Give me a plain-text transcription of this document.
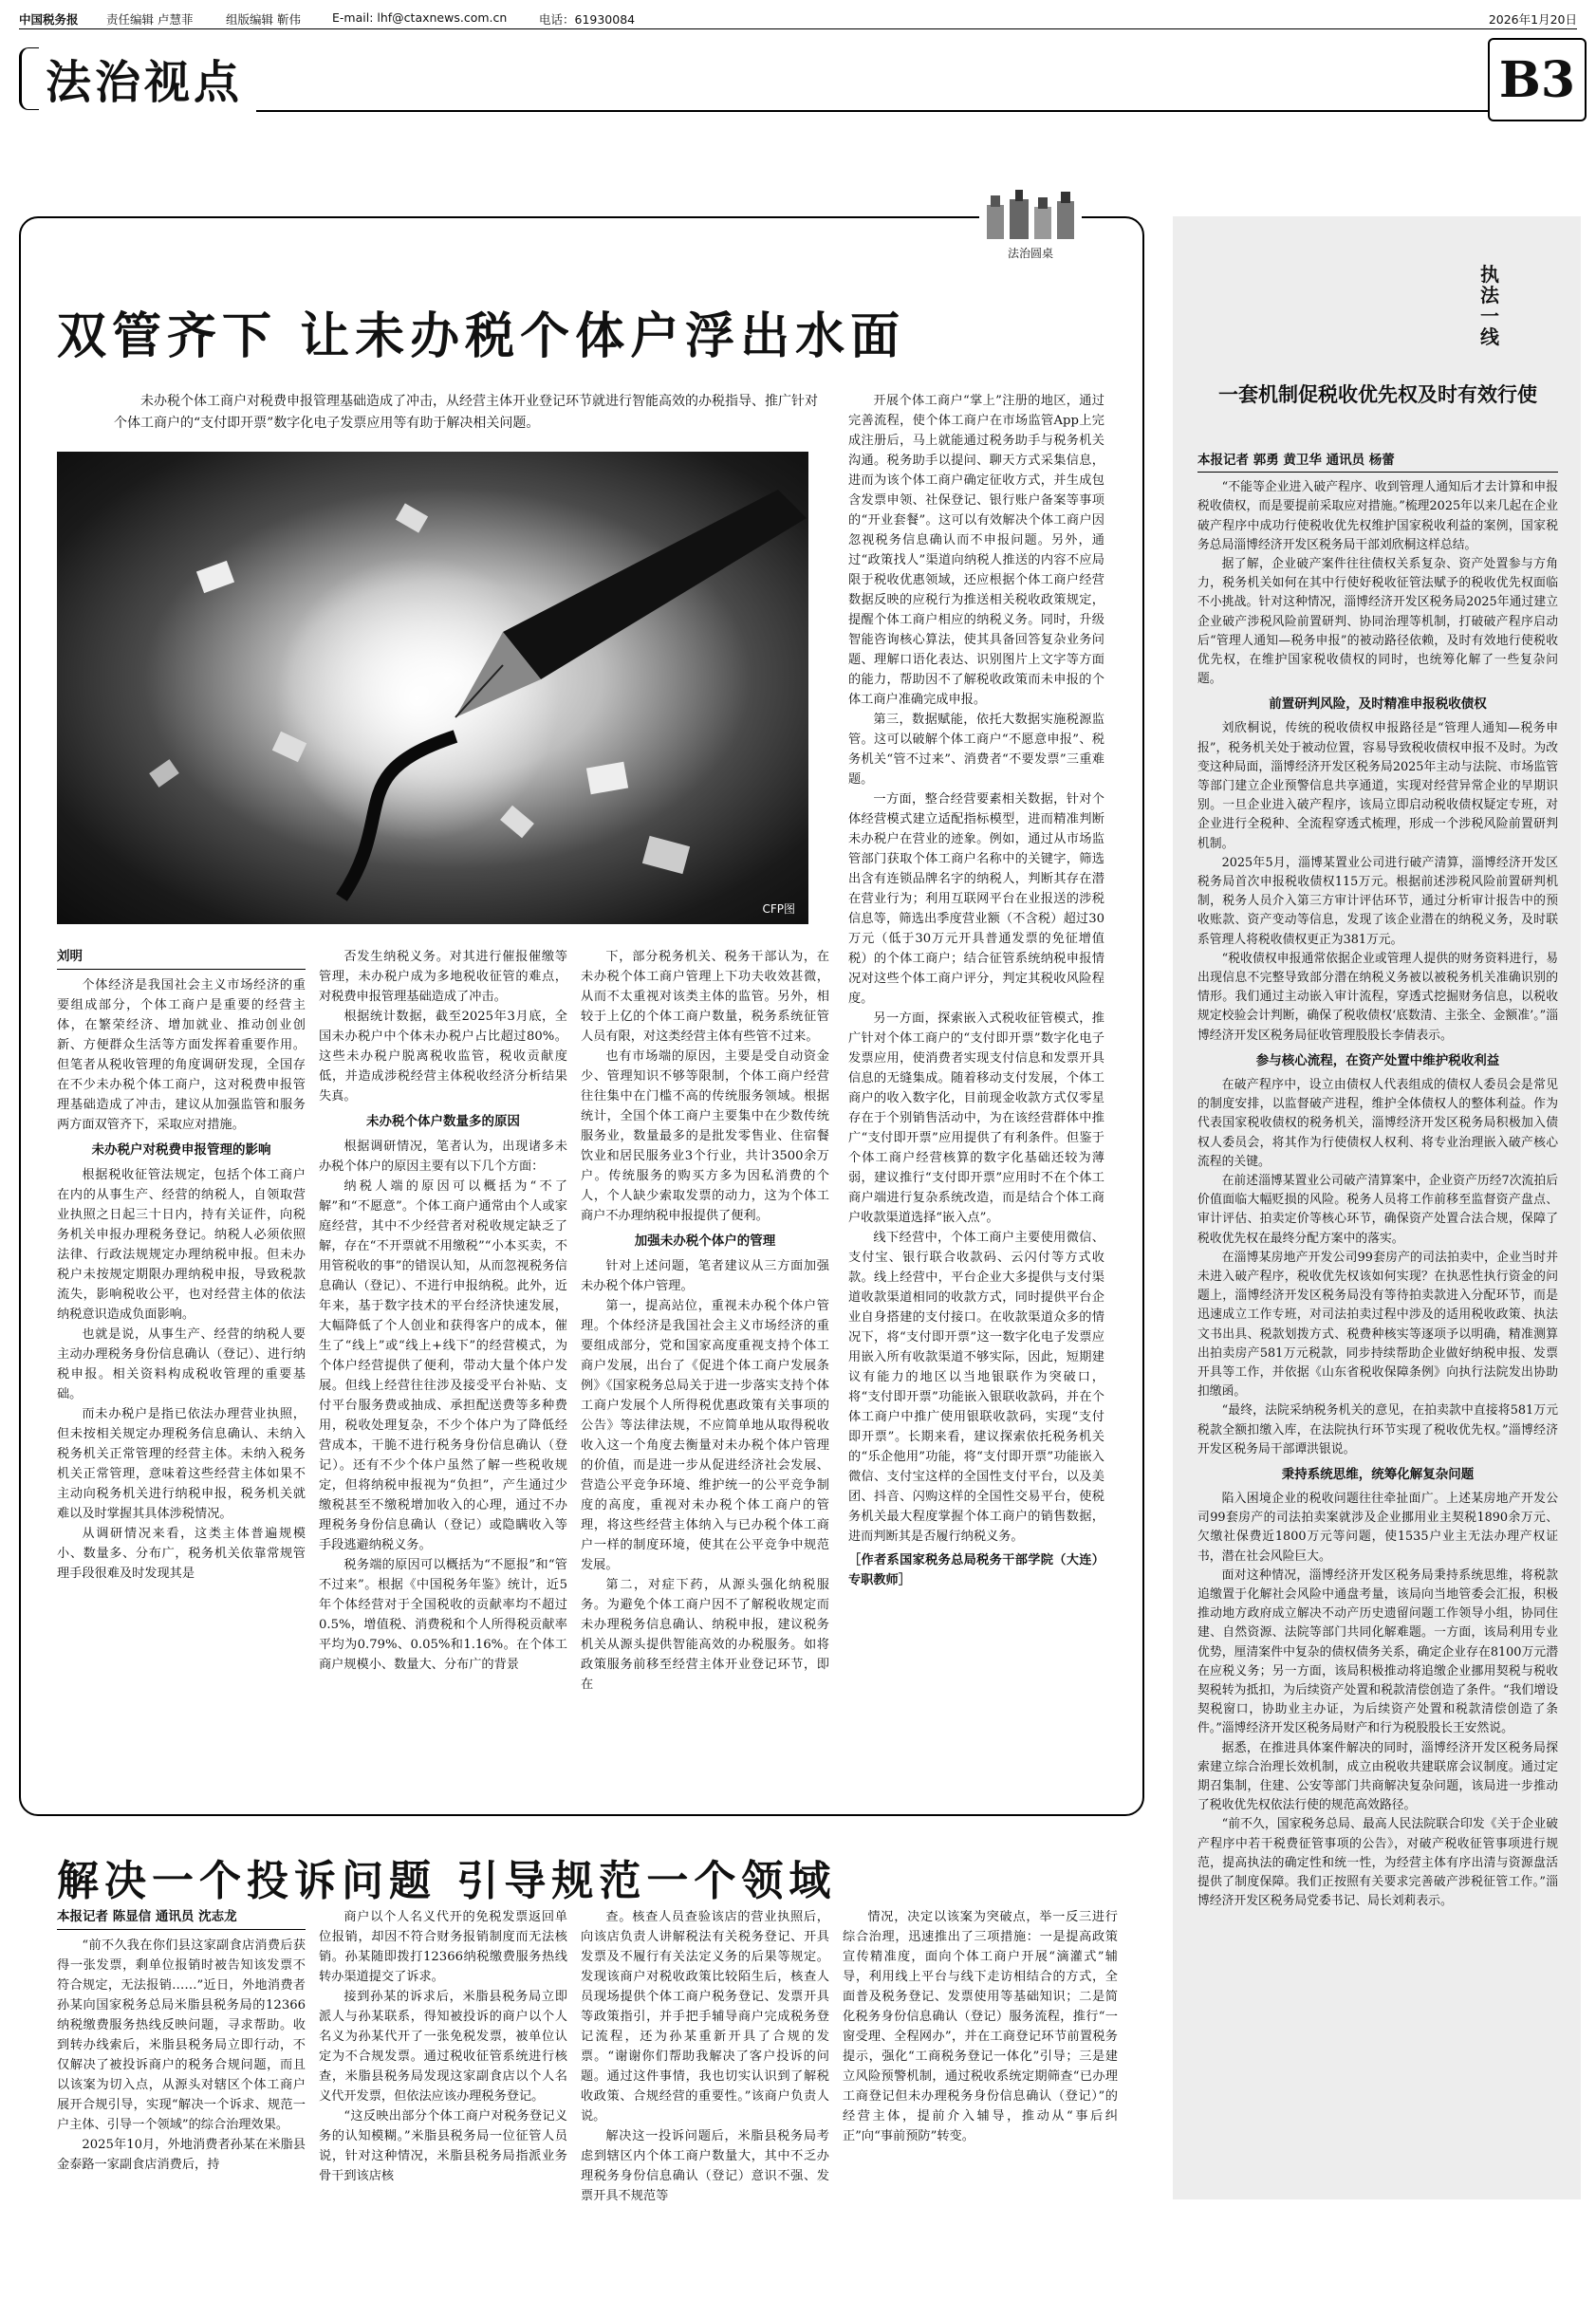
中国税务报 责任编辑 卢慧菲	组版编辑 靳伟	E-mail: lhf@ctaxnews.com.cn	电话：61930084	2026年1月20日
法治视点	B3
法治圆桌
双管齐下 让未办税个体户浮出水面
未办税个体工商户对税费申报管理基础造成了冲击，从经营主体开业登记环节就进行智能高效的办税指导、推广针对个体工商户的“支付即开票”数字化电子发票应用等有助于解决相关问题。
CFP图
刘明

个体经济是我国社会主义市场经济的重要组成部分，个体工商户是重要的经营主体，在繁荣经济、增加就业、推动创业创新、方便群众生活等方面发挥着重要作用。但笔者从税收管理的角度调研发现，全国存在不少未办税个体工商户，这对税费申报管理基础造成了冲击，建议从加强监管和服务两方面双管齐下，采取应对措施。

未办税户对税费申报管理的影响

根据税收征管法规定，包括个体工商户在内的从事生产、经营的纳税人，自领取营业执照之日起三十日内，持有关证件，向税务机关申报办理税务登记。纳税人必须依照法律、行政法规规定办理纳税申报。但未办税户未按规定期限办理纳税申报，导致税款流失，影响税收公平，也对经营主体的依法纳税意识造成负面影响。

也就是说，从事生产、经营的纳税人要主动办理税务身份信息确认（登记）、进行纳税申报。相关资料构成税收管理的重要基础。

而未办税户是指已依法办理营业执照，但未按相关规定办理税务信息确认、未纳入税务机关正常管理的经营主体。未纳入税务机关正常管理，意味着这些经营主体如果不主动向税务机关进行纳税申报，税务机关就难以及时掌握其具体涉税情况。

从调研情况来看，这类主体普遍规模小、数量多、分布广，税务机关依靠常规管理手段很难及时发现其是

否发生纳税义务。对其进行催报催缴等管理，未办税户成为多地税收征管的难点，对税费申报管理基础造成了冲击。

根据统计数据，截至2025年3月底，全国未办税户中个体未办税户占比超过80%。这些未办税户脱离税收监管，税收贡献度低，并造成涉税经营主体税收经济分析结果失真。

未办税个体户数量多的原因

根据调研情况，笔者认为，出现诸多未办税个体户的原因主要有以下几个方面：

纳税人端的原因可以概括为“不了解”和“不愿意”。个体工商户通常由个人或家庭经营，其中不少经营者对税收规定缺乏了解，存在“不开票就不用缴税”“小本买卖，不用管税收的事”的错误认知，从而忽视税务信息确认（登记）、不进行申报纳税。此外，近年来，基于数字技术的平台经济快速发展，大幅降低了个人创业和获得客户的成本，催生了“线上”或“线上+线下”的经营模式，为个体户经营提供了便利，带动大量个体户发展。但线上经营往往涉及接受平台补贴、支付平台服务费或抽成、承担配送费等多种费用，税收处理复杂，不少个体户为了降低经营成本，干脆不进行税务身份信息确认（登记）。还有不少个体户虽然了解一些税收规定，但将纳税申报视为“负担”，产生通过少缴税甚至不缴税增加收入的心理，通过不办理税务身份信息确认（登记）或隐瞒收入等手段逃避纳税义务。

税务端的原因可以概括为“不愿报”和“管不过来”。根据《中国税务年鉴》统计，近5年个体经营对于全国税收的贡献率均不超过0.5%，增值税、消费税和个人所得税贡献率平均为0.79%、0.05%和1.16%。在个体工商户规模小、数量大、分布广的背景

下，部分税务机关、税务干部认为，在未办税个体工商户管理上下功夫收效甚微，从而不太重视对该类主体的监管。另外，相较于上亿的个体工商户数量，税务系统征管人员有限，对这类经营主体有些管不过来。

也有市场端的原因，主要是受自动资金少、管理知识不够等限制，个体工商户经营往往集中在门槛不高的传统服务领域。根据统计，全国个体工商户主要集中在少数传统服务业，数量最多的是批发零售业、住宿餐饮业和居民服务业3个行业，共计3500余万户。传统服务的购买方多为因私消费的个人，个人缺少索取发票的动力，这为个体工商户不办理纳税申报提供了便利。

加强未办税个体户的管理

针对上述问题，笔者建议从三方面加强未办税个体户管理。

第一，提高站位，重视未办税个体户管理。个体经济是我国社会主义市场经济的重要组成部分，党和国家高度重视支持个体工商户发展，出台了《促进个体工商户发展条例》《国家税务总局关于进一步落实支持个体工商户发展个人所得税优惠政策有关事项的公告》等法律法规，不应简单地从取得税收收入这一个角度去衡量对未办税个体户管理的价值，而是进一步从促进经济社会发展、营造公平竞争环境、维护统一的公平竞争制度的高度，重视对未办税个体工商户的管理，将这些经营主体纳入与已办税个体工商户一样的制度环境，使其在公平竞争中规范发展。

第二，对症下药，从源头强化纳税服务。为避免个体工商户因不了解税收规定而未办理税务信息确认、纳税申报，建议税务机关从源头提供智能高效的办税服务。如将政策服务前移至经营主体开业登记环节，即在

开展个体工商户“掌上”注册的地区，通过完善流程，使个体工商户在市场监管App上完成注册后，马上就能通过税务助手与税务机关沟通。税务助手以提问、聊天方式采集信息，进而为该个体工商户确定征收方式，并生成包含发票申领、社保登记、银行账户备案等事项的“开业套餐”。这可以有效解决个体工商户因忽视税务信息确认而不申报问题。另外，通过“政策找人”渠道向纳税人推送的内容不应局限于税收优惠领域，还应根据个体工商户经营数据反映的应税行为推送相关税收政策规定，提醒个体工商户相应的纳税义务。同时，升级智能咨询核心算法，使其具备回答复杂业务问题、理解口语化表达、识别图片上文字等方面的能力，帮助因不了解税收政策而未申报的个体工商户准确完成申报。

第三，数据赋能，依托大数据实施税源监管。这可以破解个体工商户“不愿意申报”、税务机关“管不过来”、消费者“不要发票”三重难题。

一方面，整合经营要素相关数据，针对个体经营模式建立适配指标模型，进而精准判断未办税户在营业的迹象。例如，通过从市场监管部门获取个体工商户名称中的关键字，筛选出含有连锁品牌名字的纳税人，判断其存在潜在营业行为；利用互联网平台在业报送的涉税信息等，筛选出季度营业额（不含税）超过30万元（低于30万元开具普通发票的免征增值税）的个体工商户；结合征管系统纳税申报情况对这些个体工商户评分，判定其税收风险程度。

另一方面，探索嵌入式税收征管模式，推广针对个体工商户的“支付即开票”数字化电子发票应用，使消费者实现支付信息和发票开具信息的无缝集成。随着移动支付发展，个体工商户的收入数字化，目前现金收款方式仅零星存在于个别销售活动中，为在该经营群体中推广“支付即开票”应用提供了有利条件。但鉴于个体工商户经营核算的数字化基础还较为薄弱，建议推行“支付即开票”应用时不在个体工商户端进行复杂系统改造，而是结合个体工商户收款渠道选择“嵌入点”。

线下经营中，个体工商户主要使用微信、支付宝、银行联合收款码、云闪付等方式收款。线上经营中，平台企业大多提供与支付渠道收款渠道相同的收款方式，同时提供平台企业自身搭建的支付接口。在收款渠道众多的情况下，将“支付即开票”这一数字化电子发票应用嵌入所有收款渠道不够实际，因此，短期建议有能力的地区以当地银联作为突破口，将“支付即开票”功能嵌入银联收款码，并在个体工商户中推广使用银联收款码，实现“支付即开票”。长期来看，建议探索依托税务机关的“乐企他用”功能，将“支付即开票”功能嵌入微信、支付宝这样的全国性支付平台，以及美团、抖音、闪购这样的全国性交易平台，使税务机关最大程度掌握个体工商户的销售数据，进而判断其是否履行纳税义务。

［作者系国家税务总局税务干部学院（大连）专职教师］
执法一线
一套机制促税收优先权及时有效行使
本报记者 郭勇 黄卫华 通讯员 杨蕾

“不能等企业进入破产程序、收到管理人通知后才去计算和申报税收债权，而是要提前采取应对措施。”梳理2025年以来几起在企业破产程序中成功行使税收优先权维护国家税收利益的案例，国家税务总局淄博经济开发区税务局干部刘欣桐这样总结。

据了解，企业破产案件往往债权关系复杂、资产处置参与方角力，税务机关如何在其中行使好税收征管法赋予的税收优先权面临不小挑战。针对这种情况，淄博经济开发区税务局2025年通过建立企业破产涉税风险前置研判、协同治理等机制，打破破产程序启动后“管理人通知—税务申报”的被动路径依赖，及时有效地行使税收优先权，在维护国家税收债权的同时，也统筹化解了一些复杂问题。

前置研判风险，及时精准申报税收债权

刘欣桐说，传统的税收债权申报路径是“管理人通知—税务申报”，税务机关处于被动位置，容易导致税收债权申报不及时。为改变这种局面，淄博经济开发区税务局2025年主动与法院、市场监管等部门建立企业预警信息共享通道，实现对经营异常企业的早期识别。一旦企业进入破产程序，该局立即启动税收债权疑定专班，对企业进行全税种、全流程穿透式梳理，形成一个涉税风险前置研判机制。

2025年5月，淄博某置业公司进行破产清算，淄博经济开发区税务局首次申报税收债权115万元。根据前述涉税风险前置研判机制，税务人员介入第三方审计评估环节，通过分析审计报告中的预收账款、资产变动等信息，发现了该企业潜在的纳税义务，及时联系管理人将税收债权更正为381万元。

“税收债权申报通常依据企业或管理人提供的财务资料进行，易出现信息不完整导致部分潜在纳税义务被以被税务机关准确识别的情形。我们通过主动嵌入审计流程，穿透式挖掘财务信息，以税收规定校验会计判断，确保了税收债权‘底数清、主张全、金额准’。”淄博经济开发区税务局征收管理股股长李倩表示。

参与核心流程，在资产处置中维护税收利益

在破产程序中，设立由债权人代表组成的债权人委员会是常见的制度安排，以监督破产进程，维护全体债权人的整体利益。作为代表国家税收债权的税务机关，淄博经济开发区税务局积极加入债权人委员会，将其作为行使债权人权利、将专业治理嵌入破产核心流程的关键。

在前述淄博某置业公司破产清算案中，企业资产历经7次流拍后价值面临大幅贬损的风险。税务人员将工作前移至监督资产盘点、审计评估、拍卖定价等核心环节，确保资产处置合法合规，保障了税收优先权在最终分配方案中的落实。

在淄博某房地产开发公司99套房产的司法拍卖中，企业当时并未进入破产程序，税收优先权该如何实现？在执恶性执行资金的问题上，淄博经济开发区税务局没有等待拍卖款进入分配环节，而是迅速成立工作专班，对司法拍卖过程中涉及的适用税收政策、执法文书出具、税款划拨方式、税费种核实等逐项予以明确，精准测算出拍卖房产581万元税款，同步持续帮助企业做好纳税申报、发票开具等工作，并依据《山东省税收保障条例》向执行法院发出协助扣缴函。

“最终，法院采纳税务机关的意见，在拍卖款中直接将581万元税款全额扣缴入库，在法院执行环节实现了税收优先权。”淄博经济开发区税务局干部谭洪银说。

秉持系统思维，统筹化解复杂问题

陷入困境企业的税收问题往往牵扯面广。上述某房地产开发公司99套房产的司法拍卖案就涉及企业挪用业主契税1890余万元、欠缴社保费近1800万元等问题，使1535户业主无法办理产权证书，潜在社会风险巨大。

面对这种情况，淄博经济开发区税务局秉持系统思维，将税款追缴置于化解社会风险中通盘考量，该局向当地管委会汇报，积极推动地方政府成立解决不动产历史遗留问题工作领导小组，协同住建、自然资源、法院等部门共同化解难题。一方面，该局利用专业优势，厘清案件中复杂的债权债务关系，确定企业存在8100万元潜在应税义务；另一方面，该局积极推动将追缴企业挪用契税与税收契税转为抵扣，为后续资产处置和税款清偿创造了条件。“我们增设契税窗口，协助业主办证，为后续资产处置和税款清偿创造了条件。”淄博经济开发区税务局财产和行为税股股长王安然说。

据悉，在推进具体案件解决的同时，淄博经济开发区税务局探索建立综合治理长效机制，成立由税收共建联席会议制度。通过定期召集制，住建、公安等部门共商解决复杂问题，该局进一步推动了税收优先权依法行使的规范高效路径。

“前不久，国家税务总局、最高人民法院联合印发《关于企业破产程序中若干税费征管事项的公告》，对破产税收征管事项进行规范，提高执法的确定性和统一性，为经营主体有序出清与资源盘活提供了制度保障。我们正按照有关要求完善破产涉税征管工作。”淄博经济开发区税务局党委书记、局长刘莉表示。

解决一个投诉问题 引导规范一个领域
本报记者 陈显信 通讯员 沈志龙

“前不久我在你们县这家副食店消费后获得一张发票，剩单位报销时被告知该发票不符合规定，无法报销……”近日，外地消费者孙某向国家税务总局米脂县税务局的12366纳税缴费服务热线反映问题，寻求帮助。收到转办线索后，米脂县税务局立即行动，不仅解决了被投诉商户的税务合规问题，而且以该案为切入点，从源头对辖区个体工商户展开合规引导，实现“解决一个诉求、规范一户主体、引导一个领域”的综合治理效果。

2025年10月，外地消费者孙某在米脂县金泰路一家副食店消费后，持

商户以个人名义代开的免税发票返回单位报销，却因不符合财务报销制度而无法核销。孙某随即拨打12366纳税缴费服务热线转办渠道提交了诉求。

接到孙某的诉求后，米脂县税务局立即派人与孙某联系，得知被投诉的商户以个人名义为孙某代开了一张免税发票，被单位认定为不合规发票。通过税收征管系统进行核查，米脂县税务局发现这家副食店以个人名义代开发票，但依法应该办理税务登记。

“这反映出部分个体工商户对税务登记义务的认知模糊。”米脂县税务局一位征管人员说，针对这种情况，米脂县税务局指派业务骨干到该店核

查。核查人员查验该店的营业执照后，向该店负责人讲解税法有关税务登记、开具发票及不履行有关法定义务的后果等规定。发现该商户对税收政策比较陌生后，核查人员现场提供个体工商户税务登记、发票开具等政策指引，并手把手辅导商户完成税务登记流程，还为孙某重新开具了合规的发票。“谢谢你们帮助我解决了客户投诉的问题。通过这件事情，我也切实认识到了解税收政策、合规经营的重要性。”该商户负责人说。

解决这一投诉问题后，米脂县税务局考虑到辖区内个体工商户数量大，其中不乏办理税务身份信息确认（登记）意识不强、发票开具不规范等

情况，决定以该案为突破点，举一反三进行综合治理，迅速推出了三项措施：一是提高政策宣传精准度，面向个体工商户开展“滴灌式”辅导，利用线上平台与线下走访相结合的方式，全面普及税务登记、发票使用等基础知识；二是简化税务身份信息确认（登记）服务流程，推行“一窗受理、全程网办”，并在工商登记环节前置税务提示，强化“工商税务登记一体化”引导；三是建立风险预警机制，通过税收系统定期筛查“已办理工商登记但未办理税务身份信息确认（登记）”的经营主体，提前介入辅导，推动从“事后纠正”向“事前预防”转变。
